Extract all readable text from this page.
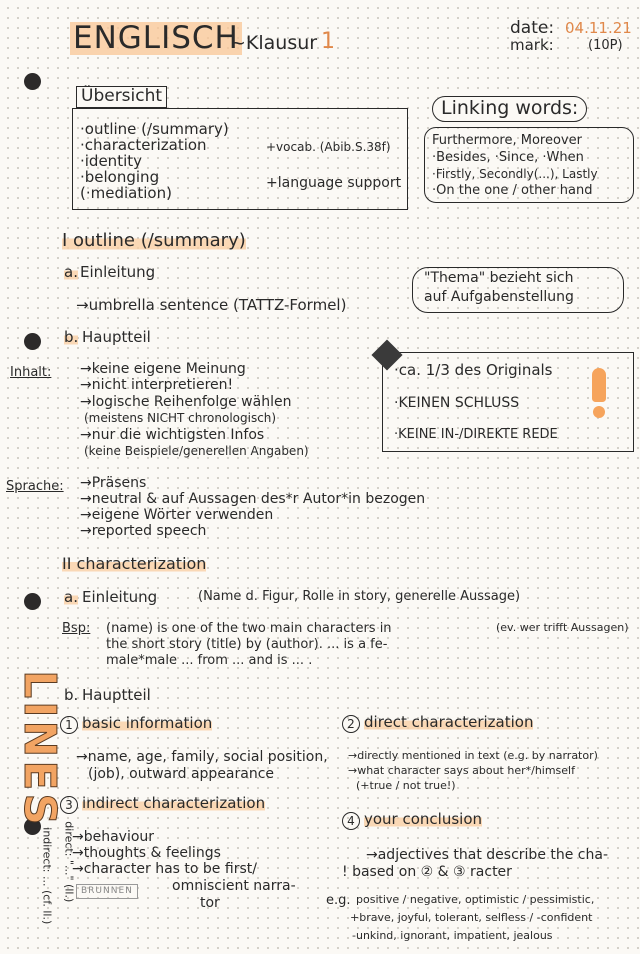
ENGLISCH
~Klausur 1
date: 04.11.21
mark:	(10P)
Übersicht
·outline (/summary)
·characterization
·identity
·belonging
(·mediation)
+vocab. (Abib.S.38f)
+language support
Linking words:
Furthermore, Moreover
·Besides, ·Since, ·When
·Firstly, Secondly(...), Lastly
·On the one / other hand
I outline (/summary)
a. Einleitung
→umbrella sentence (TATTZ-Formel)
"Thema" bezieht sich
auf Aufgabenstellung
b. Hauptteil
Inhalt: →keine eigene Meinung
→nicht interpretieren!
→logische Reihenfolge wählen
(meistens NICHT chronologisch)
→nur die wichtigsten Infos
(keine Beispiele/generellen Angaben)
·ca. 1/3 des Originals
·KEINEN SCHLUSS
·KEINE IN-/DIREKTE REDE
Sprache: →Präsens
→neutral & auf Aussagen des*r Autor*in bezogen
→eigene Wörter verwenden
→reported speech
II characterization
a. Einleitung	(Name d. Figur, Rolle in story, generelle Aussage)
Bsp: (name) is one of the two main characters in
the short story (title) by (author). ... is a fe-
male*male ... from ... and is ... .
(ev. wer trifft Aussagen)
b. Hauptteil
1 basic information
→name, age, family, social position,
(job), outward appearance
2 direct characterization
→directly mentioned in text (e.g. by narrator)
→what character says about her*/himself
(+true / not true!)
3 indirect characterization
→behaviour
→thoughts & feelings
→character has to be first/
omniscient narra-
tor
4 your conclusion
→adjectives that describe the cha-
! based on ② & ③ racter
e.g. positive / negative, optimistic / pessimistic,
+brave, joyful, tolerant, selfless / -confident
-unkind, ignorant, impatient, jealous
LINES
indirect: ... (cf. ll.) direct: "..." (ll.) BRUNNEN
